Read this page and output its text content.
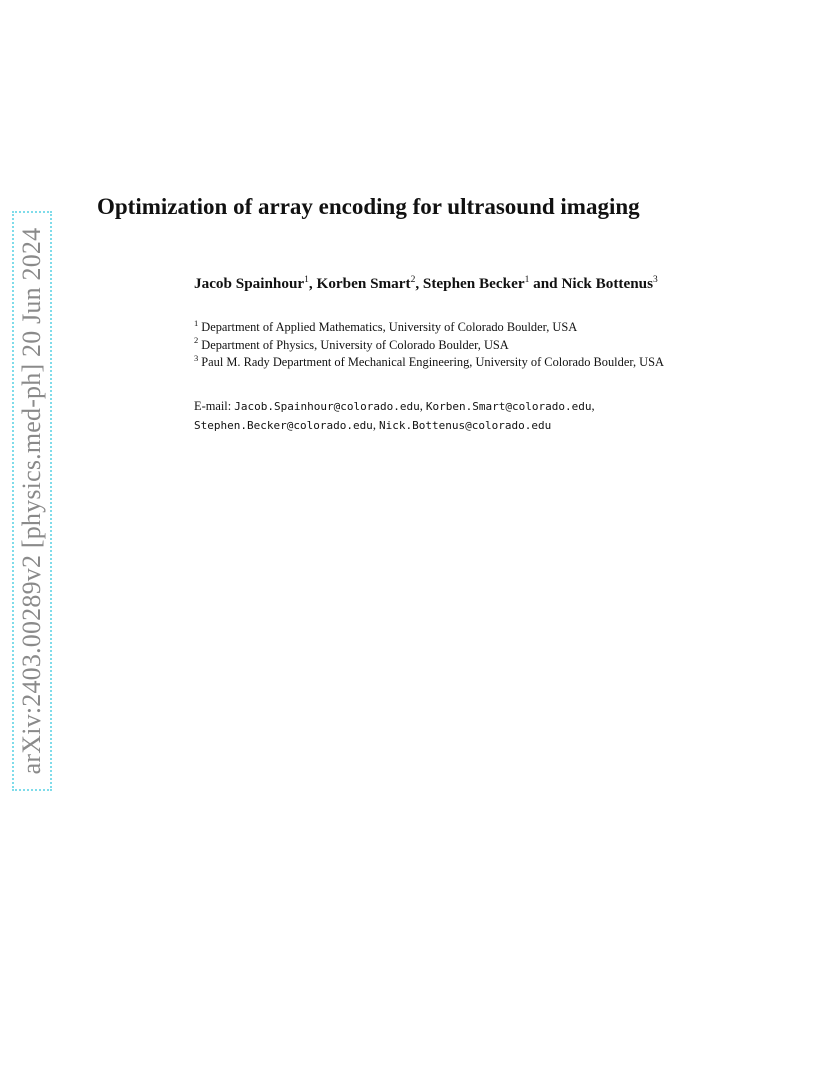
arXiv:2403.00289v2 [physics.med-ph] 20 Jun 2024
Optimization of array encoding for ultrasound imaging

Jacob Spainhour$^1$, Korben Smart$^2$, Stephen Becker$^1$ and Nick Bottenus$^3$

$^1$ Department of Applied Mathematics, University of Colorado Boulder, USA
$^2$ Department of Physics, University of Colorado Boulder, USA
$^3$ Paul M. Rady Department of Mechanical Engineering, University of Colorado Boulder, USA

E-mail: Jacob.Spainhour@colorado.edu, Korben.Smart@colorado.edu,
Stephen.Becker@colorado.edu, Nick.Bottenus@colorado.edu
